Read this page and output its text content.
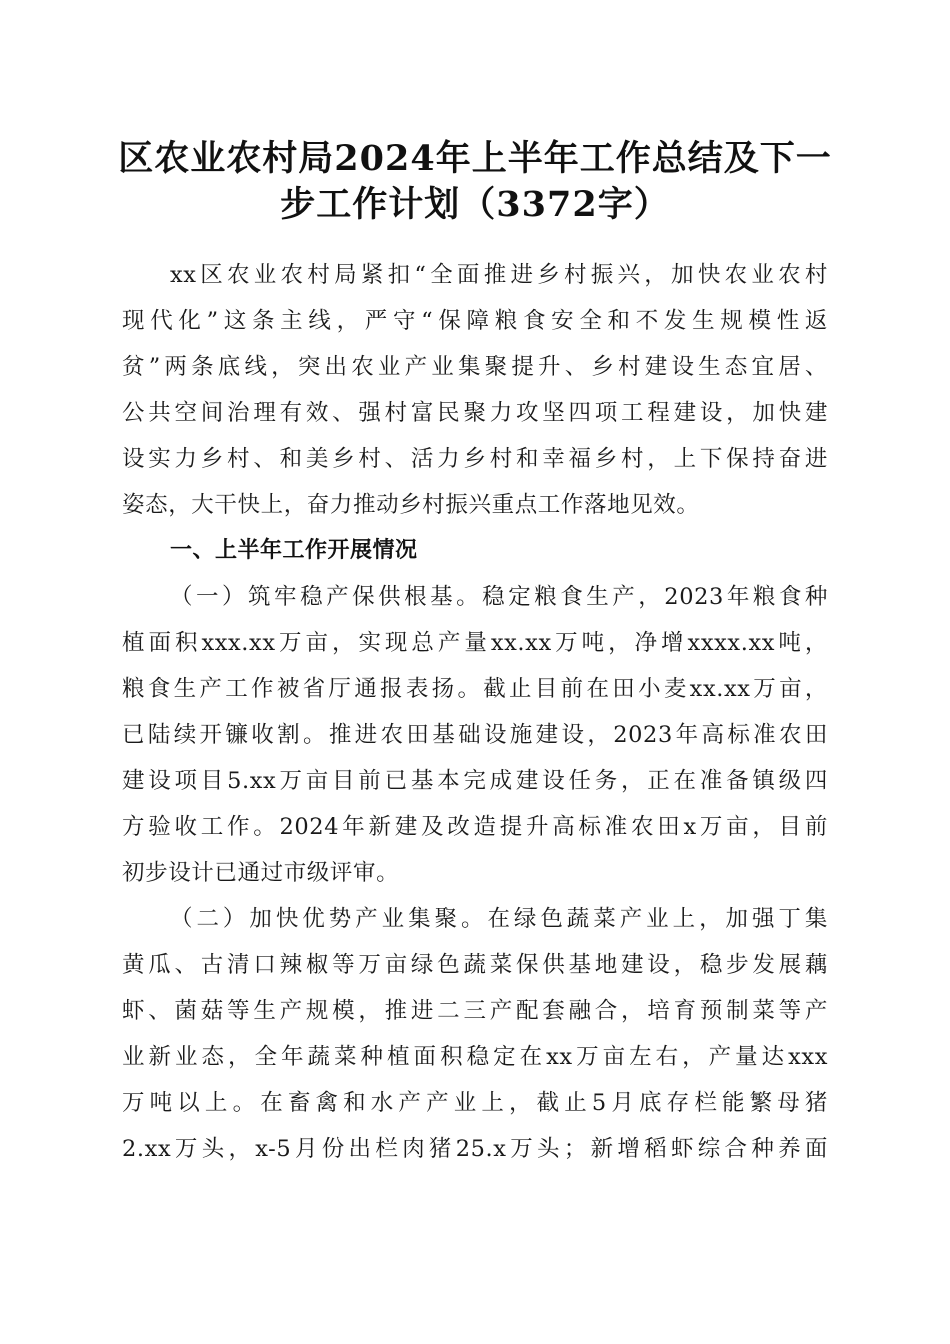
区农业农村局2024年上半年工作总结及下一
步工作计划（3372字）
xx区农业农村局紧扣“全面推进乡村振兴，加快农业农村
现代化”这条主线，严守“保障粮食安全和不发生规模性返
贫”两条底线，突出农业产业集聚提升、乡村建设生态宜居、
公共空间治理有效、强村富民聚力攻坚四项工程建设，加快建
设实力乡村、和美乡村、活力乡村和幸福乡村，上下保持奋进
姿态，大干快上，奋力推动乡村振兴重点工作落地见效。
一、上半年工作开展情况
（一）筑牢稳产保供根基。稳定粮食生产，2023年粮食种
植面积xxx.xx万亩，实现总产量xx.xx万吨，净增xxxx.xx吨，
粮食生产工作被省厅通报表扬。截止目前在田小麦xx.xx万亩，
已陆续开镰收割。推进农田基础设施建设，2023年高标准农田
建设项目5.xx万亩目前已基本完成建设任务，正在准备镇级四
方验收工作。2024年新建及改造提升高标准农田x万亩，目前
初步设计已通过市级评审。
（二）加快优势产业集聚。在绿色蔬菜产业上，加强丁集
黄瓜、古清口辣椒等万亩绿色蔬菜保供基地建设，稳步发展藕
虾、菌菇等生产规模，推进二三产配套融合，培育预制菜等产
业新业态，全年蔬菜种植面积稳定在xx万亩左右，产量达xxx
万吨以上。在畜禽和水产产业上，截止5月底存栏能繁母猪
2.xx万头，x-5月份出栏肉猪25.x万头；新增稻虾综合种养面
